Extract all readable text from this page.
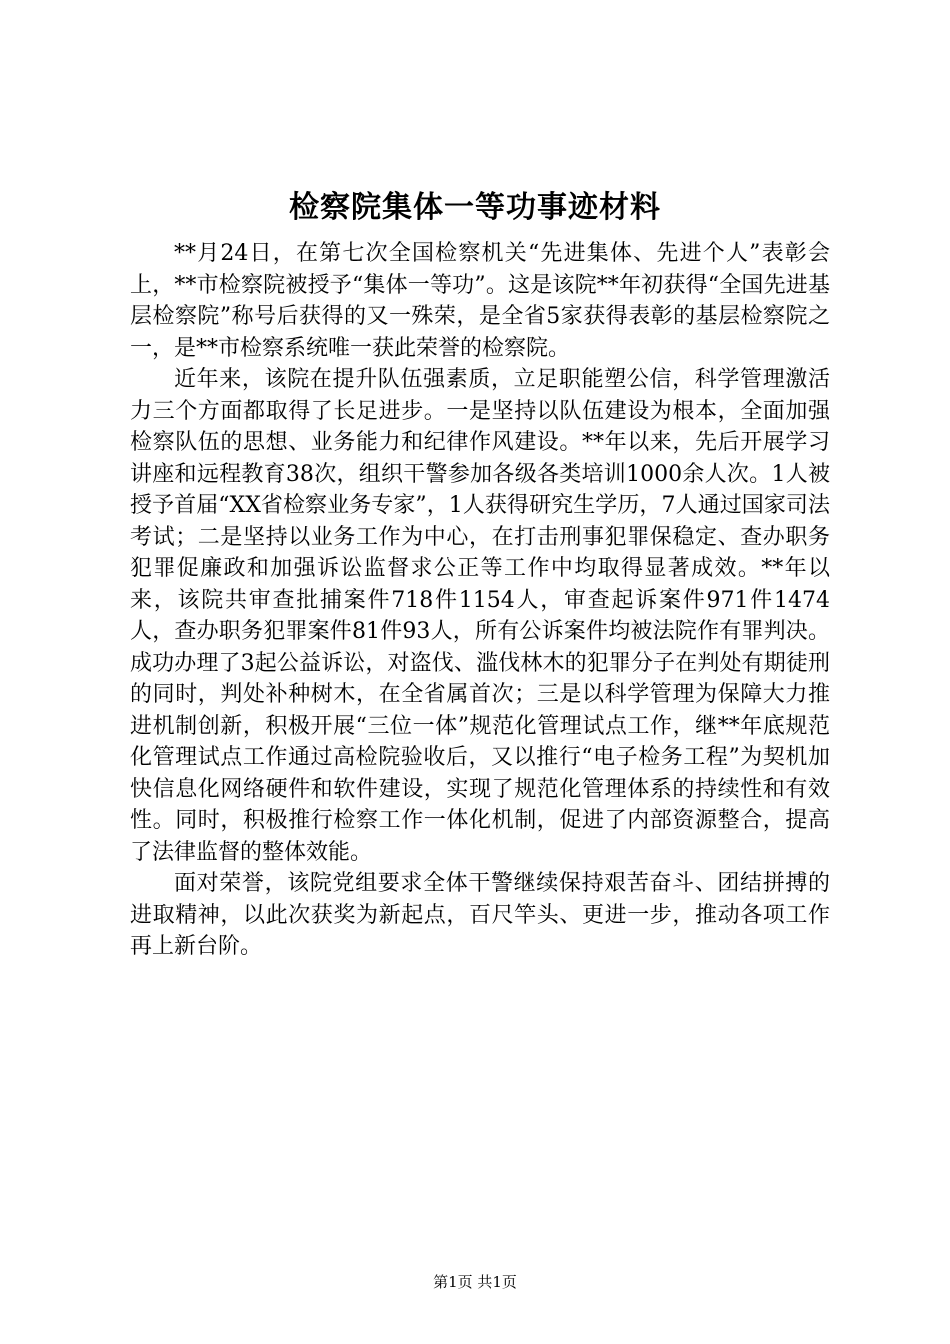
检察院集体一等功事迹材料

**月24日，在第七次全国检察机关“先进集体、先进个人”表彰会上，**市检察院被授予“集体一等功”。这是该院**年初获得“全国先进基层检察院”称号后获得的又一殊荣，是全省5家获得表彰的基层检察院之一，是**市检察系统唯一获此荣誉的检察院。

近年来，该院在提升队伍强素质，立足职能塑公信，科学管理激活力三个方面都取得了长足进步。一是坚持以队伍建设为根本，全面加强检察队伍的思想、业务能力和纪律作风建设。**年以来，先后开展学习讲座和远程教育38次，组织干警参加各级各类培训1000余人次。1人被授予首届“XX省检察业务专家”，1人获得研究生学历，7人通过国家司法考试；二是坚持以业务工作为中心，在打击刑事犯罪保稳定、查办职务犯罪促廉政和加强诉讼监督求公正等工作中均取得显著成效。**年以来，该院共审查批捕案件718件1154人，审查起诉案件971件1474人，查办职务犯罪案件81件93人，所有公诉案件均被法院作有罪判决。成功办理了3起公益诉讼，对盗伐、滥伐林木的犯罪分子在判处有期徒刑的同时，判处补种树木，在全省属首次；三是以科学管理为保障大力推进机制创新，积极开展“三位一体”规范化管理试点工作，继**年底规范化管理试点工作通过高检院验收后，又以推行“电子检务工程”为契机加快信息化网络硬件和软件建设，实现了规范化管理体系的持续性和有效性。同时，积极推行检察工作一体化机制，促进了内部资源整合，提高了法律监督的整体效能。

面对荣誉，该院党组要求全体干警继续保持艰苦奋斗、团结拼搏的进取精神，以此次获奖为新起点，百尺竿头、更进一步，推动各项工作再上新台阶。

第1页 共1页
